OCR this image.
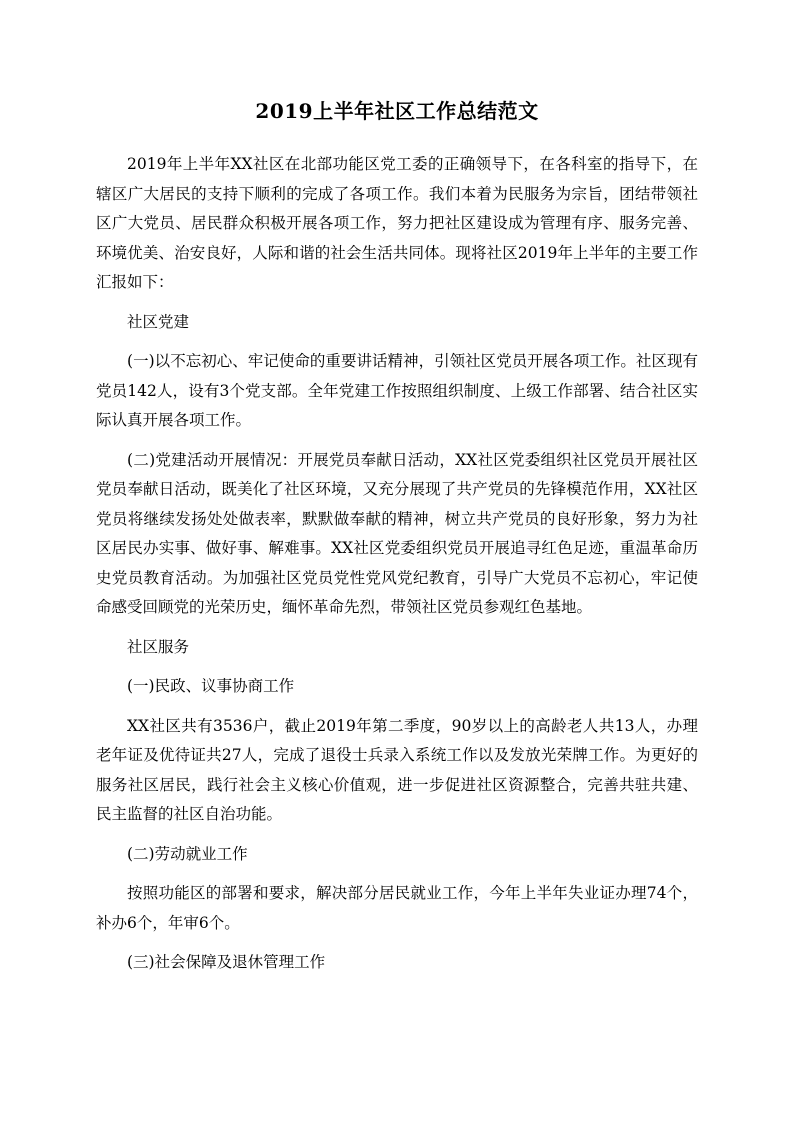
2019上半年社区工作总结范文

2019年上半年XX社区在北部功能区党工委的正确领导下，在各科室的指导下，在辖区广大居民的支持下顺利的完成了各项工作。我们本着为民服务为宗旨，团结带领社区广大党员、居民群众积极开展各项工作，努力把社区建设成为管理有序、服务完善、环境优美、治安良好，人际和谐的社会生活共同体。现将社区2019年上半年的主要工作汇报如下：

社区党建

(一)以不忘初心、牢记使命的重要讲话精神，引领社区党员开展各项工作。社区现有党员142人，设有3个党支部。全年党建工作按照组织制度、上级工作部署、结合社区实际认真开展各项工作。

(二)党建活动开展情况：开展党员奉献日活动，XX社区党委组织社区党员开展社区党员奉献日活动，既美化了社区环境，又充分展现了共产党员的先锋模范作用，XX社区党员将继续发扬处处做表率，默默做奉献的精神，树立共产党员的良好形象，努力为社区居民办实事、做好事、解难事。XX社区党委组织党员开展追寻红色足迹，重温革命历史党员教育活动。为加强社区党员党性党风党纪教育，引导广大党员不忘初心，牢记使命感受回顾党的光荣历史，缅怀革命先烈，带领社区党员参观红色基地。

社区服务

(一)民政、议事协商工作

XX社区共有3536户，截止2019年第二季度，90岁以上的高龄老人共13人，办理老年证及优待证共27人，完成了退役士兵录入系统工作以及发放光荣牌工作。为更好的服务社区居民，践行社会主义核心价值观，进一步促进社区资源整合，完善共驻共建、民主监督的社区自治功能。

(二)劳动就业工作

按照功能区的部署和要求，解决部分居民就业工作，今年上半年失业证办理74个，补办6个，年审6个。

(三)社会保障及退休管理工作
